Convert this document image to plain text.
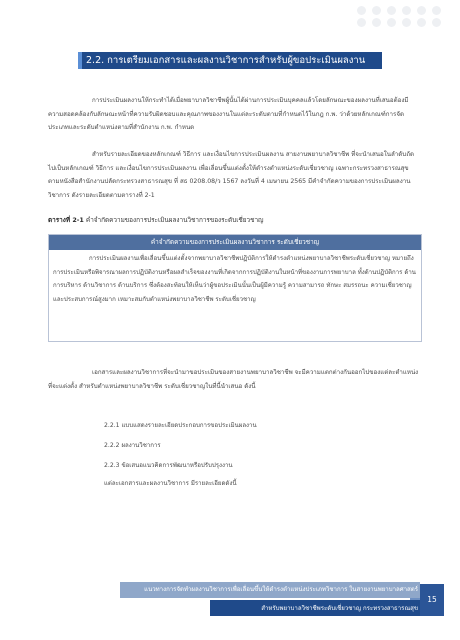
2.2. การเตรียมเอกสารและผลงานวิชาการสำหรับผู้ขอประเมินผลงาน
การประเมินผลงานให้กระทำได้เมื่อพยาบาลวิชาชีพผู้นั้นได้ผ่านการประเมินบุคคลแล้วโดยลักษณะของผลงานที่เสนอต้องมีความสอดคล้องกับลักษณะหน้าที่ความรับผิดชอบและคุณภาพของงานในแต่ละระดับตามที่กำหนดไว้ในกฎ ก.พ. ว่าด้วยหลักเกณฑ์การจัดประเภทและระดับตำแหน่งตามที่สำนักงาน ก.พ. กำหนด
สำหรับรายละเอียดของหลักเกณฑ์ วิธีการ และเงื่อนไขการประเมินผลงาน สายงานพยาบาลวิชาชีพ ที่จะนำเสนอในลำดับถัดไปเป็นหลักเกณฑ์ วิธีการ และเงื่อนไขการประเมินผลงาน เพื่อเลื่อนขึ้นแต่งตั้งให้ดำรงตำแหน่งระดับเชี่ยวชาญ เฉพาะกระทรวงสาธารณสุข ตามหนังสือสำนักงานปลัดกระทรวงสาธารณสุข ที่ สธ 0208.08/ว 1567 ลงวันที่ 4 เมษายน 2565 มีคำจำกัดความของการประเมินผลงานวิชาการ ดังรายละเอียดตามตารางที่ 2-1
ตารางที่ 2-1 คำจำกัดความของการประเมินผลงานวิชาการของระดับเชี่ยวชาญ
คำจำกัดความของการประเมินผลงานวิชาการ ระดับเชี่ยวชาญ
การประเมินผลงานเพื่อเลื่อนขึ้นแต่งตั้งจากพยาบาลวิชาชีพปฏิบัติการให้ดำรงตำแหน่งพยาบาลวิชาชีพระดับเชี่ยวชาญ หมายถึง การประเมินหรือพิจารณาผลการปฏิบัติงานหรือผลสำเร็จของงานที่เกิดจากการปฏิบัติงานในหน้าที่ของงานการพยาบาล ทั้งด้านปฏิบัติการ ด้านการบริหาร ด้านวิชาการ ด้านบริการ ซึ่งต้องสะท้อนให้เห็นว่าผู้ขอประเมินนั้นเป็นผู้มีความรู้ ความสามารถ ทักษะ สมรรถนะ ความเชี่ยวชาญและประสบการณ์สูงมาก เหมาะสมกับตำแหน่งพยาบาลวิชาชีพ ระดับเชี่ยวชาญ
เอกสารและผลงานวิชาการที่จะนำมาขอประเมินของสายงานพยาบาลวิชาชีพ จะมีความแตกต่างกันออกไปของแต่ละตำแหน่งที่จะแต่งตั้ง สำหรับตำแหน่งพยาบาลวิชาชีพ ระดับเชี่ยวชาญในที่นี้นำเสนอ ดังนี้
2.2.1 แบบแสดงรายละเอียดประกอบการขอประเมินผลงาน
2.2.2 ผลงานวิชาการ
2.2.3 ข้อเสนอแนวคิดการพัฒนาหรือปรับปรุงงาน
แต่ละเอกสารและผลงานวิชาการ มีรายละเอียดดังนี้
แนวทางการจัดทำผลงานวิชาการเพื่อเลื่อนขึ้นให้ดำรงตำแหน่งประเภทวิชาการ ในสายงานพยาบาลศาสตร์
สำหรับพยาบาลวิชาชีพระดับเชี่ยวชาญ กระทรวงสาธารณสุข
15
